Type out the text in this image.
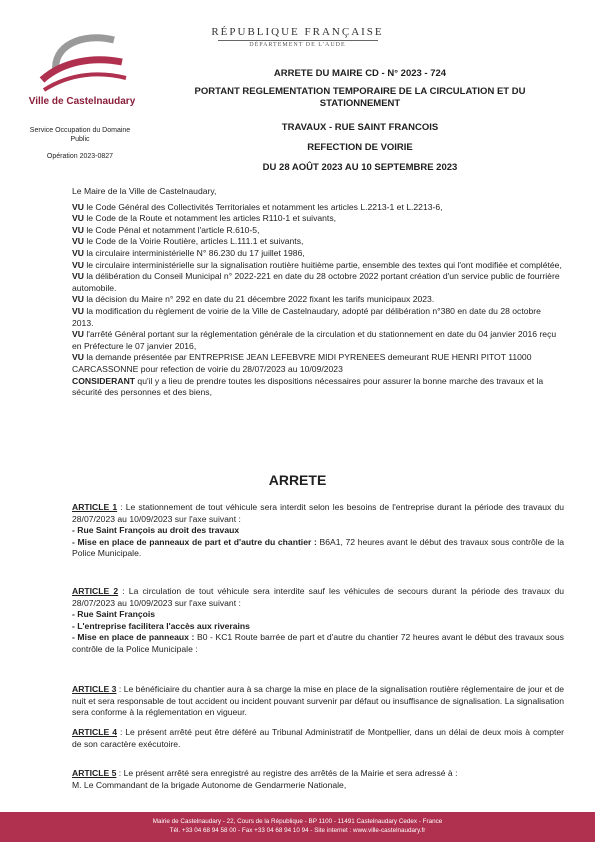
RÉPUBLIQUE FRANÇAISE
DÉPARTEMENT DE L'AUDE
Ville de Castelnaudary
Service Occupation du Domaine Public
Opération 2023-0827
ARRETE DU MAIRE CD - N° 2023 - 724
PORTANT REGLEMENTATION TEMPORAIRE DE LA CIRCULATION ET DU STATIONNEMENT
TRAVAUX - RUE SAINT FRANCOIS
REFECTION DE VOIRIE
DU 28 AOÛT 2023 AU 10 SEPTEMBRE 2023

Le Maire de la Ville de Castelnaudary,

VU le Code Général des Collectivités Territoriales et notamment les articles L.2213-1 et L.2213-6,

VU le Code de la Route et notamment les articles R110-1 et suivants,

VU le Code Pénal et notamment l'article R.610-5,

VU le Code de la Voirie Routière, articles L.111.1 et suivants,

VU la circulaire interministérielle N° 86.230 du 17 juillet 1986,

VU le circulaire interministérielle sur la signalisation routière huitième partie, ensemble des textes qui l'ont modifiée et complétée,

VU la délibération du Conseil Municipal n° 2022-221 en date du 28 octobre 2022 portant création d'un service public de fourrière automobile.

VU la décision du Maire n° 292 en date du 21 décembre 2022 fixant les tarifs municipaux 2023.

VU la modification du règlement de voirie de la Ville de Castelnaudary, adopté par délibération n°380 en date du 28 octobre 2013.

VU l'arrêté Général portant sur la réglementation générale de la circulation et du stationnement en date du 04 janvier 2016 reçu en Préfecture le 07 janvier 2016,

VU la demande présentée par ENTREPRISE JEAN LEFEBVRE MIDI PYRENEES demeurant RUE HENRI PITOT 11000 CARCASSONNE pour refection de voirie du 28/07/2023 au 10/09/2023

CONSIDERANT qu'il y a lieu de prendre toutes les dispositions nécessaires pour assurer la bonne marche des travaux et la sécurité des personnes et des biens,

ARRETE

ARTICLE 1 : Le stationnement de tout véhicule sera interdit selon les besoins de l'entreprise durant la période des travaux du 28/07/2023 au 10/09/2023 sur l'axe suivant :

- Rue Saint François au droit des travaux

- Mise en place de panneaux de part et d'autre du chantier : B6A1, 72 heures avant le début des travaux sous contrôle de la Police Municipale.

ARTICLE 2 : La circulation de tout véhicule sera interdite sauf les véhicules de secours durant la période des travaux du 28/07/2023 au 10/09/2023 sur l'axe suivant :

- Rue Saint François

- L'entreprise facilitera l'accès aux riverains

- Mise en place de panneaux : B0 - KC1 Route barrée de part et d'autre du chantier 72 heures avant le début des travaux sous contrôle de la Police Municipale :

ARTICLE 3 : Le bénéficiaire du chantier aura à sa charge la mise en place de la signalisation routière réglementaire de jour et de nuit et sera responsable de tout accident ou incident pouvant survenir par défaut ou insuffisance de signalisation. La signalisation sera conforme à la réglementation en vigueur.

ARTICLE 4 : Le présent arrêté peut être déféré au Tribunal Administratif de Montpellier, dans un délai de deux mois à compter de son caractère exécutoire.

ARTICLE 5 : Le présent arrêté sera enregistré au registre des arrêtés de la Mairie et sera adressé à :

M. Le Commandant de la brigade Autonome de Gendarmerie Nationale,

Mairie de Castelnaudary - 22, Cours de la République - BP 1100 - 11491 Castelnaudary Cedex - France
Tél. +33 04 68 94 58 00 - Fax +33 04 68 94 10 94 - Site internet : www.ville-castelnaudary.fr
